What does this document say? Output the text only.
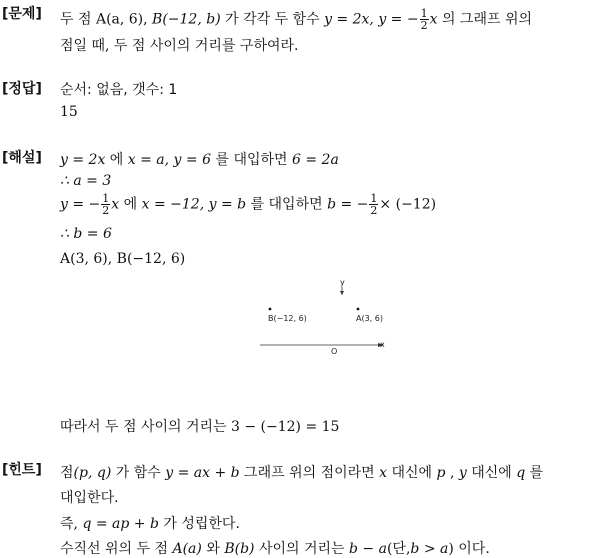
[문제] 두 점 A(a, 6), B(−12, b) 가 각각 두 함수 y = 2x, y = − $\frac{1}{2}$ x 의 그래프 위의
점일 때, 두 점 사이의 거리를 구하여라.
[정답] 순서: 없음, 갯수: 1
15
[해설] y = 2x 에 x = a, y = 6 를 대입하면 6 = 2a
∴ a = 3
y = − $\frac{1}{2}$ x 에 x = −12, y = b 를 대입하면 b = − $\frac{1}{2} \times (-12)$
∴ b = 6
A(3, 6), B(−12, 6)
y
x
O
B(−12, 6)	A(3, 6)
따라서 두 점 사이의 거리는 3 − (−12) = 15
[힌트] 점(p, q) 가 함수 y = ax + b 그래프 위의 점이라면 x 대신에 p , y 대신에 q 를
대입한다.
즉, q = ap + b 가 성립한다.
수직선 위의 두 점 A(a) 와 B(b) 사이의 거리는 b − a(단,b > a) 이다.
